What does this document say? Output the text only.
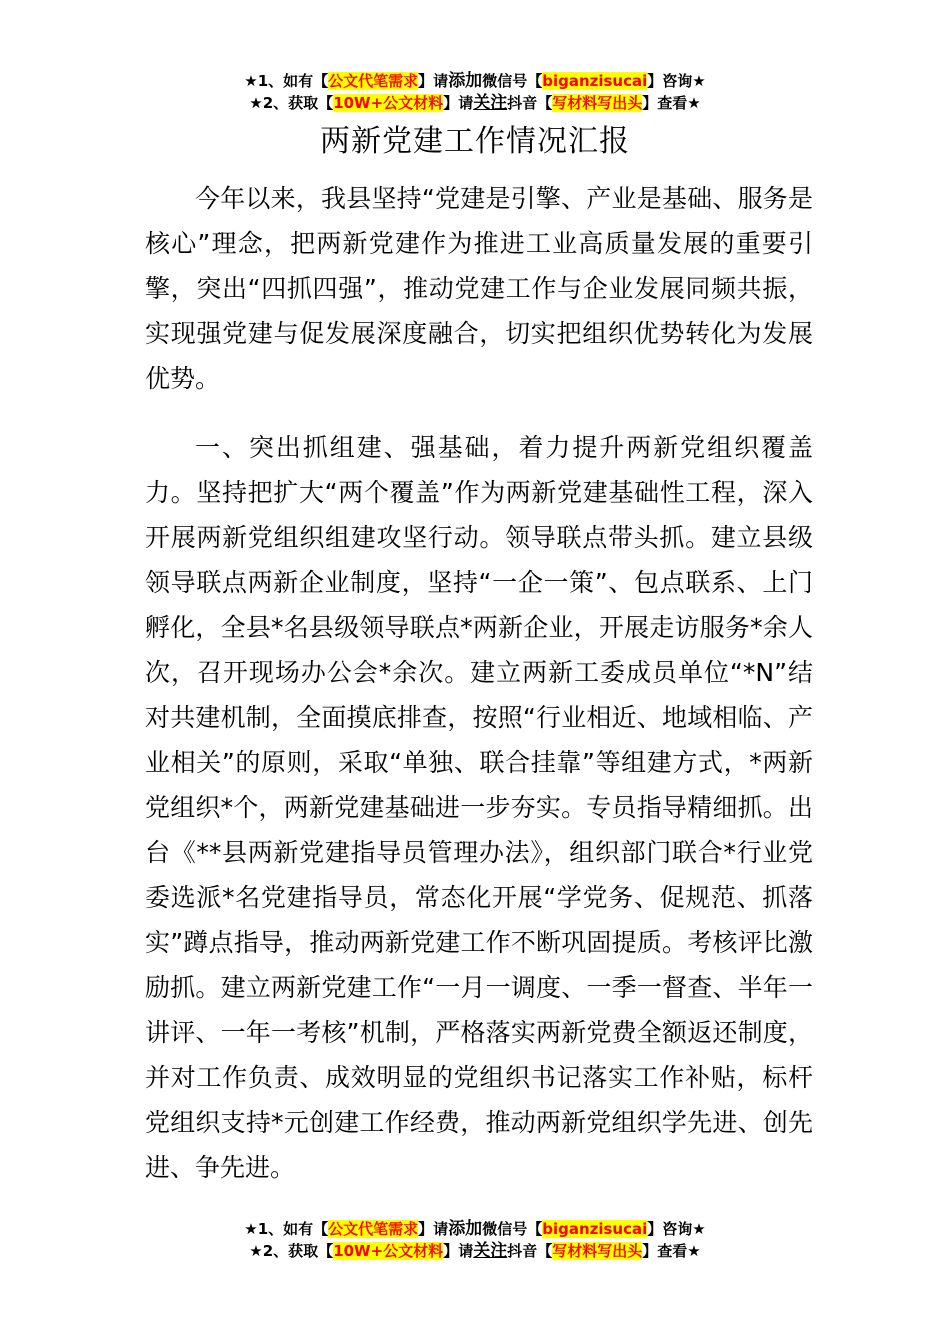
★1、如有【公文代笔需求】请添加微信号【biganzisucai】咨询★
★2、获取【10W+公文材料】请关注抖音【写材料写出头】查看★
两新党建工作情况汇报

今年以来，我县坚持“党建是引擎、产业是基础、服务是核心”理念，把两新党建作为推进工业高质量发展的重要引擎，突出“四抓四强”，推动党建工作与企业发展同频共振，实现强党建与促发展深度融合，切实把组织优势转化为发展优势。

一、突出抓组建、强基础，着力提升两新党组织覆盖力。坚持把扩大“两个覆盖”作为两新党建基础性工程，深入开展两新党组织组建攻坚行动。领导联点带头抓。建立县级领导联点两新企业制度，坚持“一企一策”、包点联系、上门孵化，全县*名县级领导联点*两新企业，开展走访服务*余人次，召开现场办公会*余次。建立两新工委成员单位“*N”结对共建机制，全面摸底排查，按照“行业相近、地域相临、产业相关”的原则，采取“单独、联合挂靠”等组建方式，*两新党组织*个，两新党建基础进一步夯实。专员指导精细抓。出台《**县两新党建指导员管理办法》，组织部门联合*行业党委选派*名党建指导员，常态化开展“学党务、促规范、抓落实”蹲点指导，推动两新党建工作不断巩固提质。考核评比激励抓。建立两新党建工作“一月一调度、一季一督查、半年一讲评、一年一考核”机制，严格落实两新党费全额返还制度，并对工作负责、成效明显的党组织书记落实工作补贴，标杆党组织支持*元创建工作经费，推动两新党组织学先进、创先进、争先进。

★1、如有【公文代笔需求】请添加微信号【biganzisucai】咨询★
★2、获取【10W+公文材料】请关注抖音【写材料写出头】查看★
